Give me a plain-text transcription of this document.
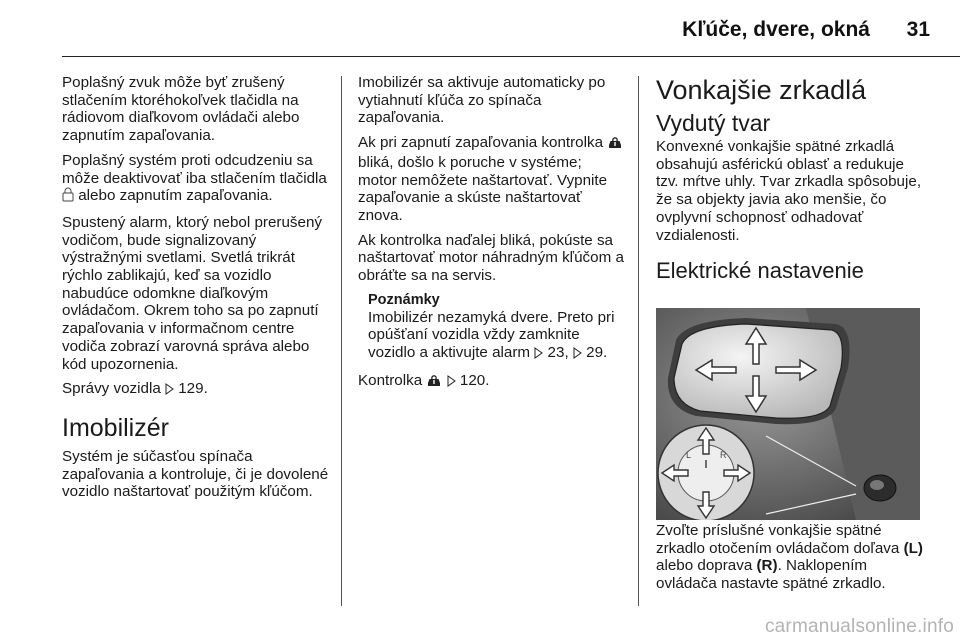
Kľúče, dvere, okná 31

Poplašný zvuk môže byť zrušený stlačením ktoréhokoľvek tlačidla na rádiovom diaľkovom ovládači alebo zapnutím zapaľovania.

Poplašný systém proti odcudzeniu sa môže deaktivovať iba stlačením tlačidla  alebo zapnutím zapaľovania.

Spustený alarm, ktorý nebol prerušený vodičom, bude signalizovaný výstražnými svetlami. Svetlá trikrát rýchlo zablikajú, keď sa vozidlo nabudúce odomkne diaľkovým ovládačom. Okrem toho sa po zapnutí zapaľovania v informačnom centre vodiča zobrazí varovná správa alebo kód upozornenia.

Správy vozidla 129.

Imobilizér

Systém je súčasťou spínača zapaľovania a kontroluje, či je dovolené vozidlo naštartovať použitým kľúčom.

Imobilizér sa aktivuje automaticky po vytiahnutí kľúča zo spínača zapaľovania.

Ak pri zapnutí zapaľovania kontrolka  bliká, došlo k poruche v systéme; motor nemôžete naštartovať. Vypnite zapaľovanie a skúste naštartovať znova.

Ak kontrolka naďalej bliká, pokúste sa naštartovať motor náhradným kľúčom a obráťte sa na servis.

Poznámky

Imobilizér nezamyká dvere. Preto pri opúšťaní vozidla vždy zamknite vozidlo a aktivujte alarm 23, 29.

Kontrolka 120.

Vonkajšie zrkadlá
Vydutý tvar

Konvexné vonkajšie spätné zrkadlá obsahujú asférickú oblasť a redukuje tzv. mŕtve uhly. Tvar zrkadla spôsobuje, že sa objekty javia ako menšie, čo ovplyvní schopnosť odhadovať vzdialenosti.

Elektrické nastavenie
L	R

Zvoľte príslušné vonkajšie spätné zrkadlo otočením ovládačom doľava (L) alebo doprava (R). Naklopením ovládača nastavte spätné zrkadlo.

carmanualsonline.info
